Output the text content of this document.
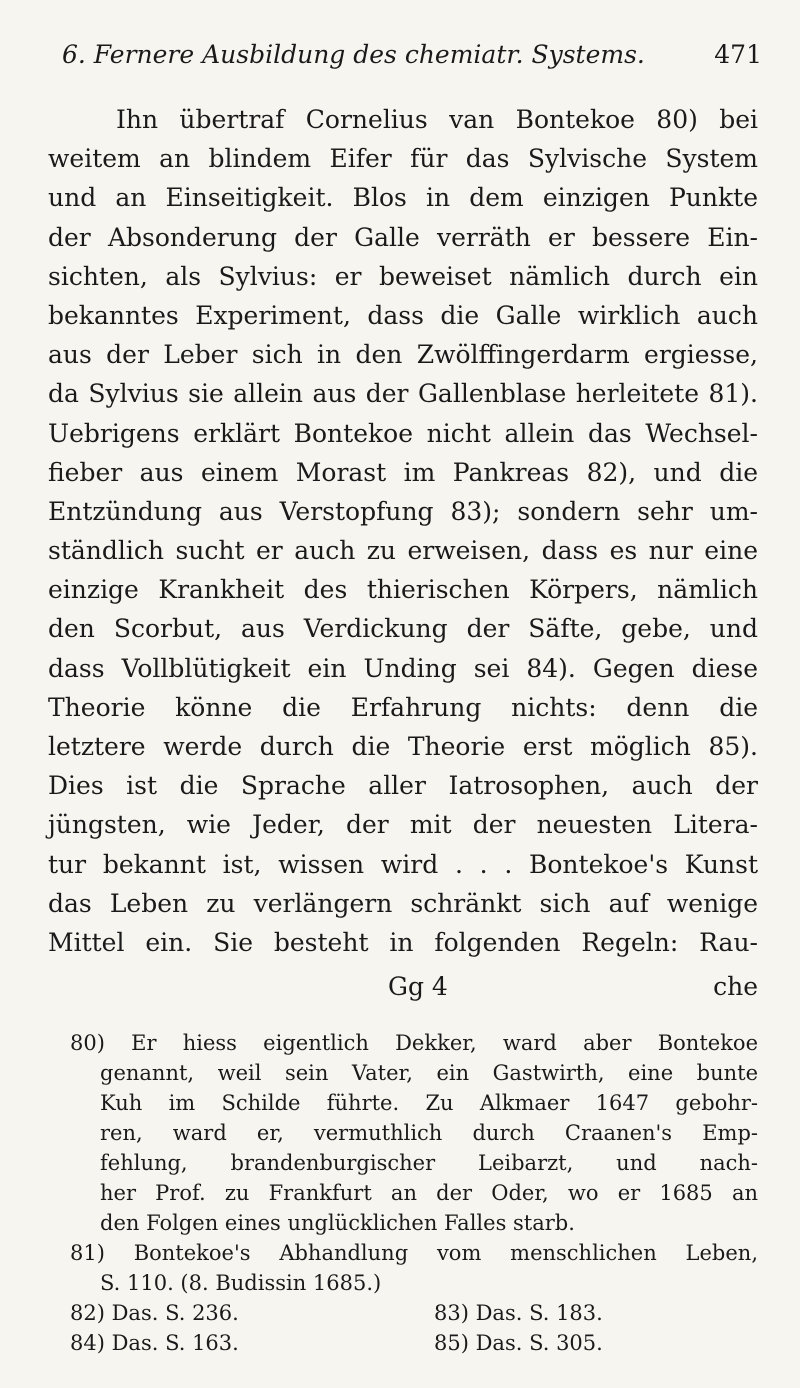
6. Fernere Ausbildung des chemiatr. Systems.	471
Ihn übertraf Cornelius van Bontekoe 80) bei
weitem an blindem Eifer für das Sylvische System
und an Einseitigkeit. Blos in dem einzigen Punkte
der Absonderung der Galle verräth er bessere Ein-
sichten, als Sylvius: er beweiset nämlich durch ein
bekanntes Experiment, dass die Galle wirklich auch
aus der Leber sich in den Zwölffingerdarm ergiesse,
da Sylvius sie allein aus der Gallenblase herleitete 81).
Uebrigens erklärt Bontekoe nicht allein das Wechsel-
fieber aus einem Morast im Pankreas 82), und die
Entzündung aus Verstopfung 83); sondern sehr um-
ständlich sucht er auch zu erweisen, dass es nur eine
einzige Krankheit des thierischen Körpers, nämlich
den Scorbut, aus Verdickung der Säfte, gebe, und
dass Vollblütigkeit ein Unding sei 84). Gegen diese
Theorie könne die Erfahrung nichts: denn die
letztere werde durch die Theorie erst möglich 85).
Dies ist die Sprache aller Iatrosophen, auch der
jüngsten, wie Jeder, der mit der neuesten Litera-
tur bekannt ist, wissen wird . . . Bontekoe's Kunst
das Leben zu verlängern schränkt sich auf wenige
Mittel ein. Sie besteht in folgenden Regeln: Rau-
Gg 4	che
80) Er hiess eigentlich Dekker, ward aber Bontekoe
genannt, weil sein Vater, ein Gastwirth, eine bunte
Kuh im Schilde führte. Zu Alkmaer 1647 gebohr-
ren, ward er, vermuthlich durch Craanen's Emp-
fehlung, brandenburgischer Leibarzt, und nach-
her Prof. zu Frankfurt an der Oder, wo er 1685 an
den Folgen eines unglücklichen Falles starb.
81) Bontekoe's Abhandlung vom menschlichen Leben,
S. 110. (8. Budissin 1685.)
82) Das. S. 236.	83) Das. S. 183.
84) Das. S. 163.	85) Das. S. 305.
